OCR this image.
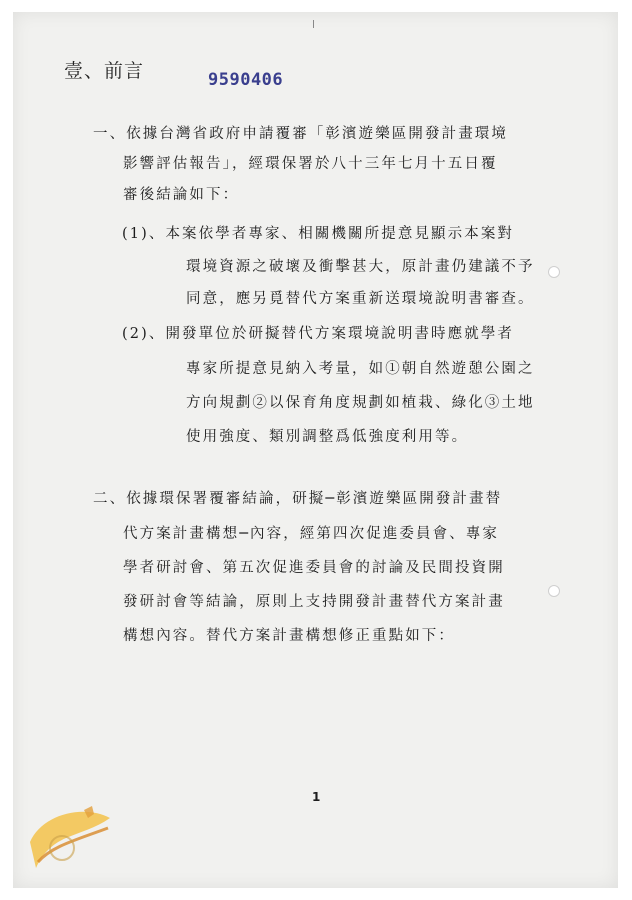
壹、前言	9590406
一、依據台灣省政府申請覆審「彰濱遊樂區開發計畫環境
影響評估報告」，經環保署於八十三年七月十五日覆
審後結論如下：
(1)、本案依學者專家、相關機關所提意見顯示本案對
環境資源之破壞及衝擊甚大，原計畫仍建議不予
同意，應另覓替代方案重新送環境說明書審查。
(2)、開發單位於研擬替代方案環境說明書時應就學者
專家所提意見納入考量，如①朝自然遊憩公園之
方向規劃②以保育角度規劃如植栽、綠化③土地
使用強度、類別調整爲低強度利用等。
二、依據環保署覆審結論，研擬─彰濱遊樂區開發計畫替
代方案計畫構想─內容，經第四次促進委員會、專家
學者研討會、第五次促進委員會的討論及民間投資開
發研討會等結論，原則上支持開發計畫替代方案計畫
構想內容。替代方案計畫構想修正重點如下：
1
